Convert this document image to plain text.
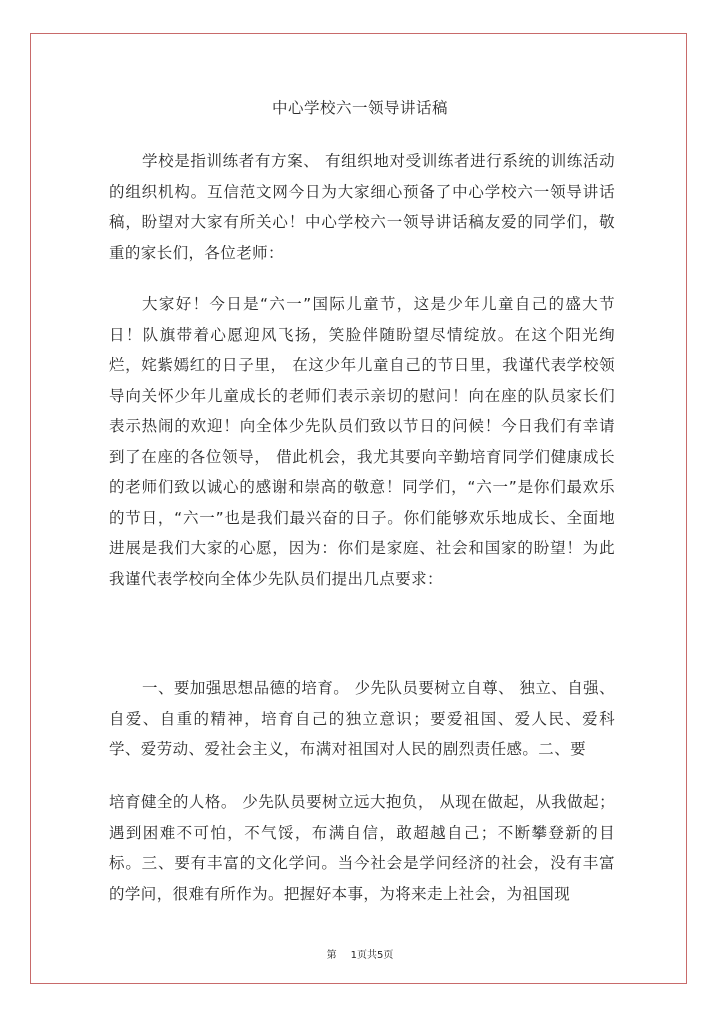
中心学校六一领导讲话稿

学校是指训练者有方案、 有组织地对受训练者进行系统的训练活动的组织机构。互信范文网今日为大家细心预备了中心学校六一领导讲话稿，盼望对大家有所关心！中心学校六一领导讲话稿友爱的同学们，敬重的家长们，各位老师：

大家好！今日是“六一”国际儿童节，这是少年儿童自己的盛大节日！队旗带着心愿迎风飞扬，笑脸伴随盼望尽情绽放。在这个阳光绚烂，姹紫嫣红的日子里， 在这少年儿童自己的节日里，我谨代表学校领导向关怀少年儿童成长的老师们表示亲切的慰问！向在座的队员家长们表示热闹的欢迎！向全体少先队员们致以节日的问候！今日我们有幸请到了在座的各位领导， 借此机会，我尤其要向辛勤培育同学们健康成长的老师们致以诚心的感谢和崇高的敬意！同学们，“六一”是你们最欢乐的节日，“六一”也是我们最兴奋的日子。你们能够欢乐地成长、全面地进展是我们大家的心愿，因为：你们是家庭、社会和国家的盼望！为此我谨代表学校向全体少先队员们提出几点要求：

一、要加强思想品德的培育。 少先队员要树立自尊、 独立、自强、自爱、自重的精神，培育自己的独立意识；要爱祖国、爱人民、爱科学、爱劳动、爱社会主义，布满对祖国对人民的剧烈责任感。二、要

培育健全的人格。 少先队员要树立远大抱负， 从现在做起，从我做起；遇到困难不可怕，不气馁，布满自信，敢超越自己；不断攀登新的目标。三、要有丰富的文化学问。当今社会是学问经济的社会，没有丰富的学问，很难有所作为。把握好本事，为将来走上社会，为祖国现

第 1页共5页
